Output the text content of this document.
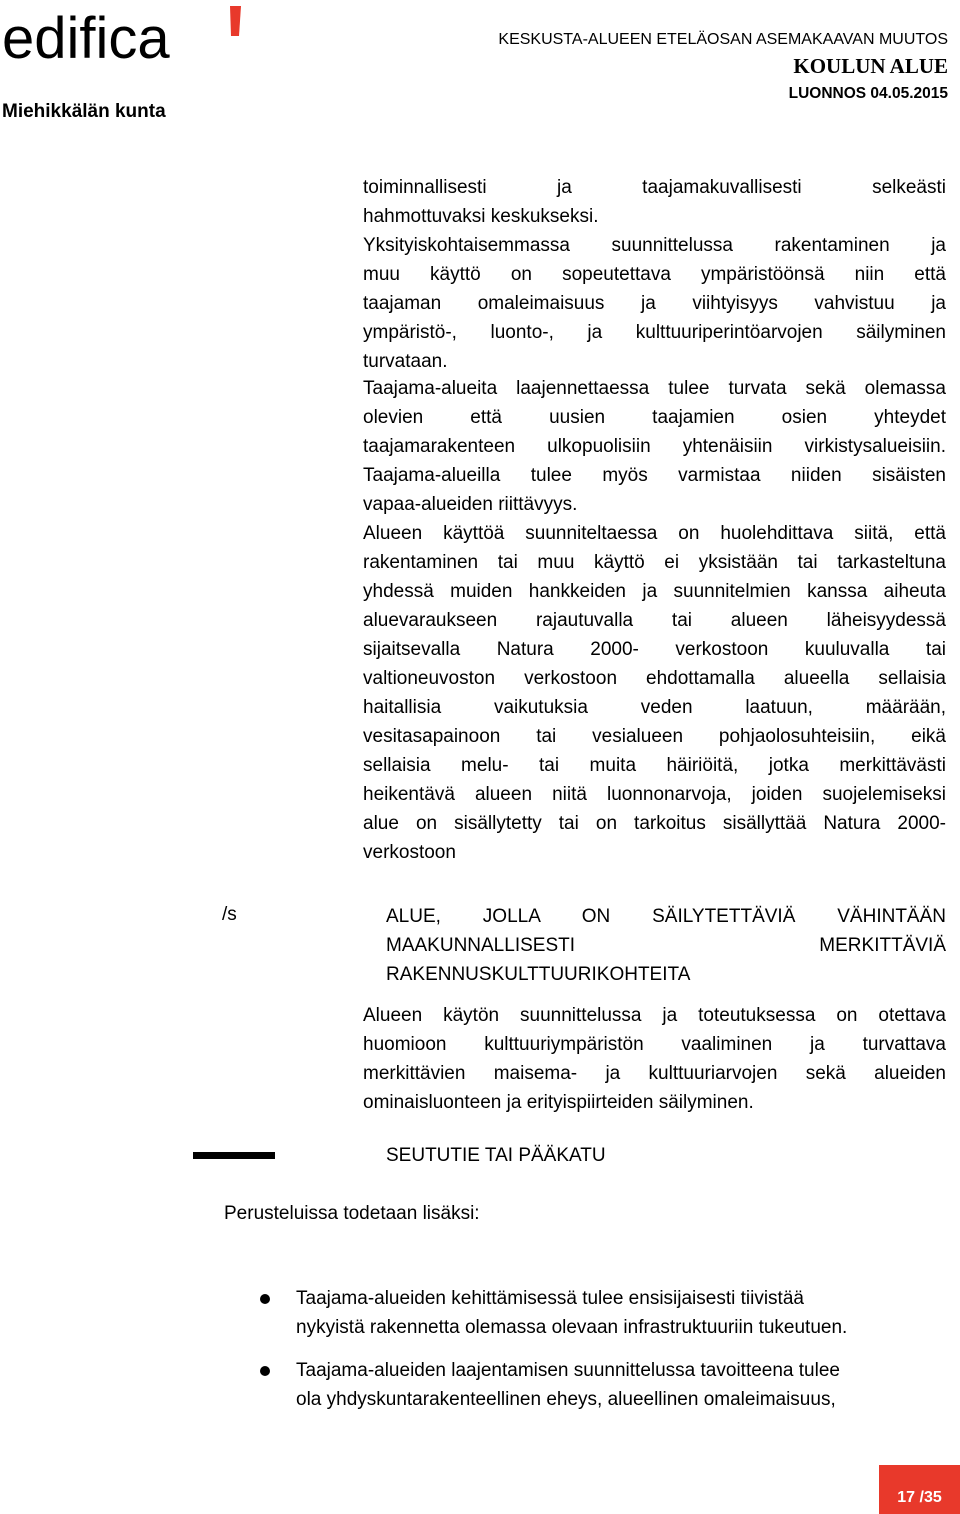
edifica
Miehikkälän kunta
KESKUSTA-ALUEEN ETELÄOSAN ASEMAKAAVAN MUUTOS
KOULUN ALUE
LUONNOS 04.05.2015
toiminnallisesti ja taajamakuvallisesti selkeästi
hahmottuvaksi keskukseksi.
Yksityiskohtaisemmassa suunnittelussa rakentaminen ja
muu käyttö on sopeutettava ympäristöönsä niin että
taajaman omaleimaisuus ja viihtyisyys vahvistuu ja
ympäristö-, luonto-, ja kulttuuriperintöarvojen säilyminen
turvataan.
Taajama-alueita laajennettaessa tulee turvata sekä olemassa
olevien että uusien taajamien osien yhteydet
taajamarakenteen ulkopuolisiin yhtenäisiin virkistysalueisiin.
Taajama-alueilla tulee myös varmistaa niiden sisäisten
vapaa-alueiden riittävyys.
Alueen käyttöä suunniteltaessa on huolehdittava siitä, että
rakentaminen tai muu käyttö ei yksistään tai tarkasteltuna
yhdessä muiden hankkeiden ja suunnitelmien kanssa aiheuta
aluevaraukseen rajautuvalla tai alueen läheisyydessä
sijaitsevalla Natura 2000- verkostoon kuuluvalla tai
valtioneuvoston verkostoon ehdottamalla alueella sellaisia
haitallisia vaikutuksia veden laatuun, määrään,
vesitasapainoon tai vesialueen pohjaolosuhteisiin, eikä
sellaisia melu- tai muita häiriöitä, jotka merkittävästi
heikentävä alueen niitä luonnonarvoja, joiden suojelemiseksi
alue on sisällytetty tai on tarkoitus sisällyttää Natura 2000-
verkostoon
/s	ALUE, JOLLA ON SÄILYTETTÄVIÄ VÄHINTÄÄN
MAAKUNNALLISESTI MERKITTÄVIÄ
RAKENNUSKULTTUURIKOHTEITA
Alueen käytön suunnittelussa ja toteutuksessa on otettava
huomioon kulttuuriympäristön vaaliminen ja turvattava
merkittävien maisema- ja kulttuuriarvojen sekä alueiden
ominaisluonteen ja erityispiirteiden säilyminen.
SEUTUTIE TAI PÄÄKATU
Perusteluissa todetaan lisäksi:
Taajama-alueiden kehittämisessä tulee ensisijaisesti tiivistää
nykyistä rakennetta olemassa olevaan infrastruktuuriin tukeutuen.
Taajama-alueiden laajentamisen suunnittelussa tavoitteena tulee
ola yhdyskuntarakenteellinen eheys, alueellinen omaleimaisuus,
17 /35
